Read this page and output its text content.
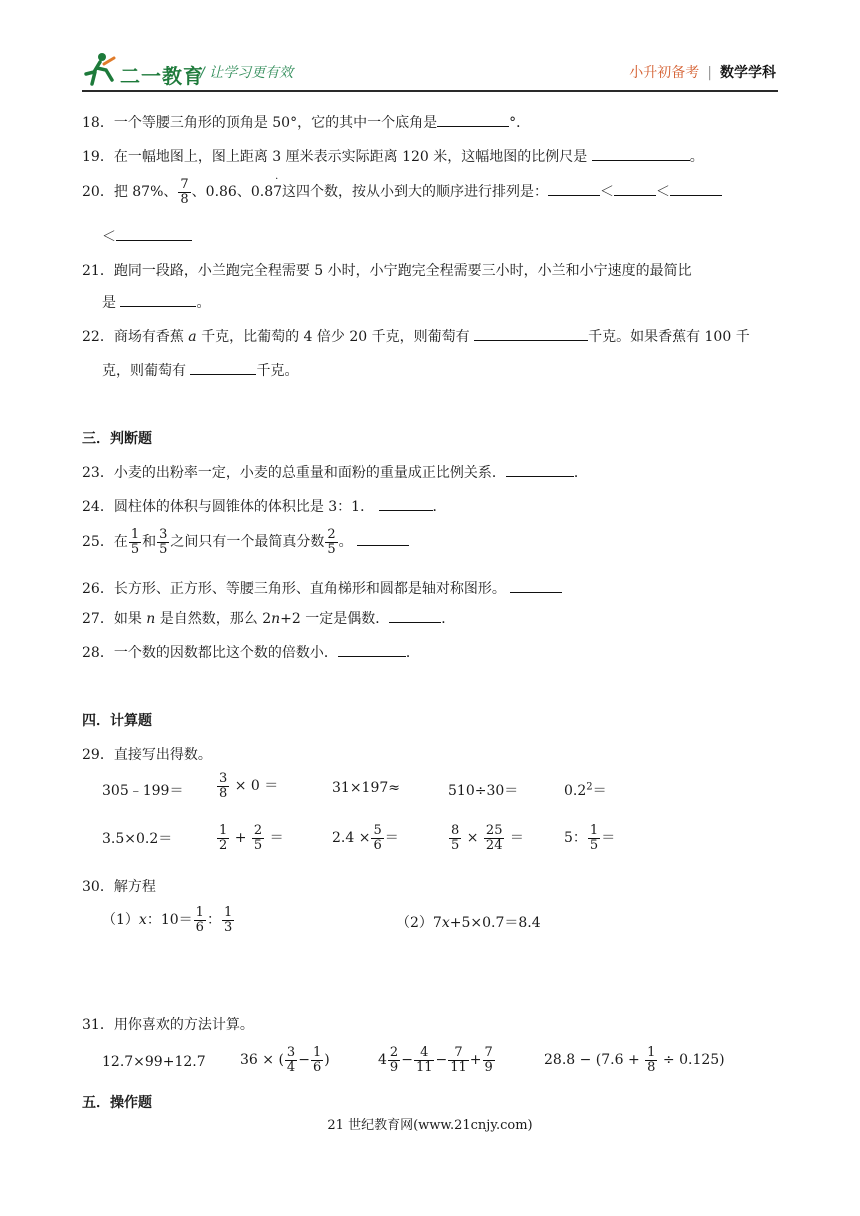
二一教育
/ 让学习更有效	小升初备考 | 数学学科
18．一个等腰三角形的顶角是 50°，它的其中一个底角是	°．
19．在一幅地图上，图上距离 3 厘米表示实际距离 120 米，这幅地图的比例尺是	。
20．把 87%、 $\frac{7}{8}$ 、0.86、0.8
·
7这四个数，按从小到大的顺序进行排列是：	＜	＜
＜
21．跑同一段路，小兰跑完全程需要 5 小时，小宁跑完全程需要三小时，小兰和小宁速度的最简比
是	。
22．商场有香蕉 a 千克，比葡萄的 4 倍少 20 千克，则葡萄有	千克。如果香蕉有 100 千
克，则葡萄有	千克。
三．判断题
23．小麦的出粉率一定，小麦的总重量和面粉的重量成正比例关系．	．
24．圆柱体的体积与圆锥体的体积比是 3：1．	．
25．在 $\frac{1}{5}$ 和 $\frac{3}{5}$ 之间只有一个最简真分数 $\frac{2}{5}$ 。
26．长方形、正方形、等腰三角形、直角梯形和圆都是轴对称图形。
27．如果 n 是自然数，那么 2n+2 一定是偶数．	．
28．一个数的因数都比这个数的倍数小．	．
四．计算题
29．直接写出得数。
305﹣199＝	$\frac{3}{8} \times 0$ ＝	31×197≈	510÷30＝	$0.2^2=$
3.5×0.2＝	$\frac{1}{2} + \frac{2}{5}$ ＝	$2.4 \times \frac{5}{6}$ ＝	$\frac{8}{5} \times \frac{25}{24}$ ＝	5： $\frac{1}{5}$ ＝
30．解方程
（1）x：$10= \frac{1}{6}$ ： $\frac{1}{3}$	（2）7x+5×0.7＝8.4
31．用你喜欢的方法计算。
12.7×99+12.7 36 × ( $\frac{3}{4} - \frac{1}{6}$ )	$4 \frac{2}{9} - \frac{4}{11} - \frac{7}{11} + \frac{7}{9}$	$28.8 - (7.6 + \frac{1}{8} \div 0.125)$
五．操作题
21 世纪教育网(www.21cnjy.com)
